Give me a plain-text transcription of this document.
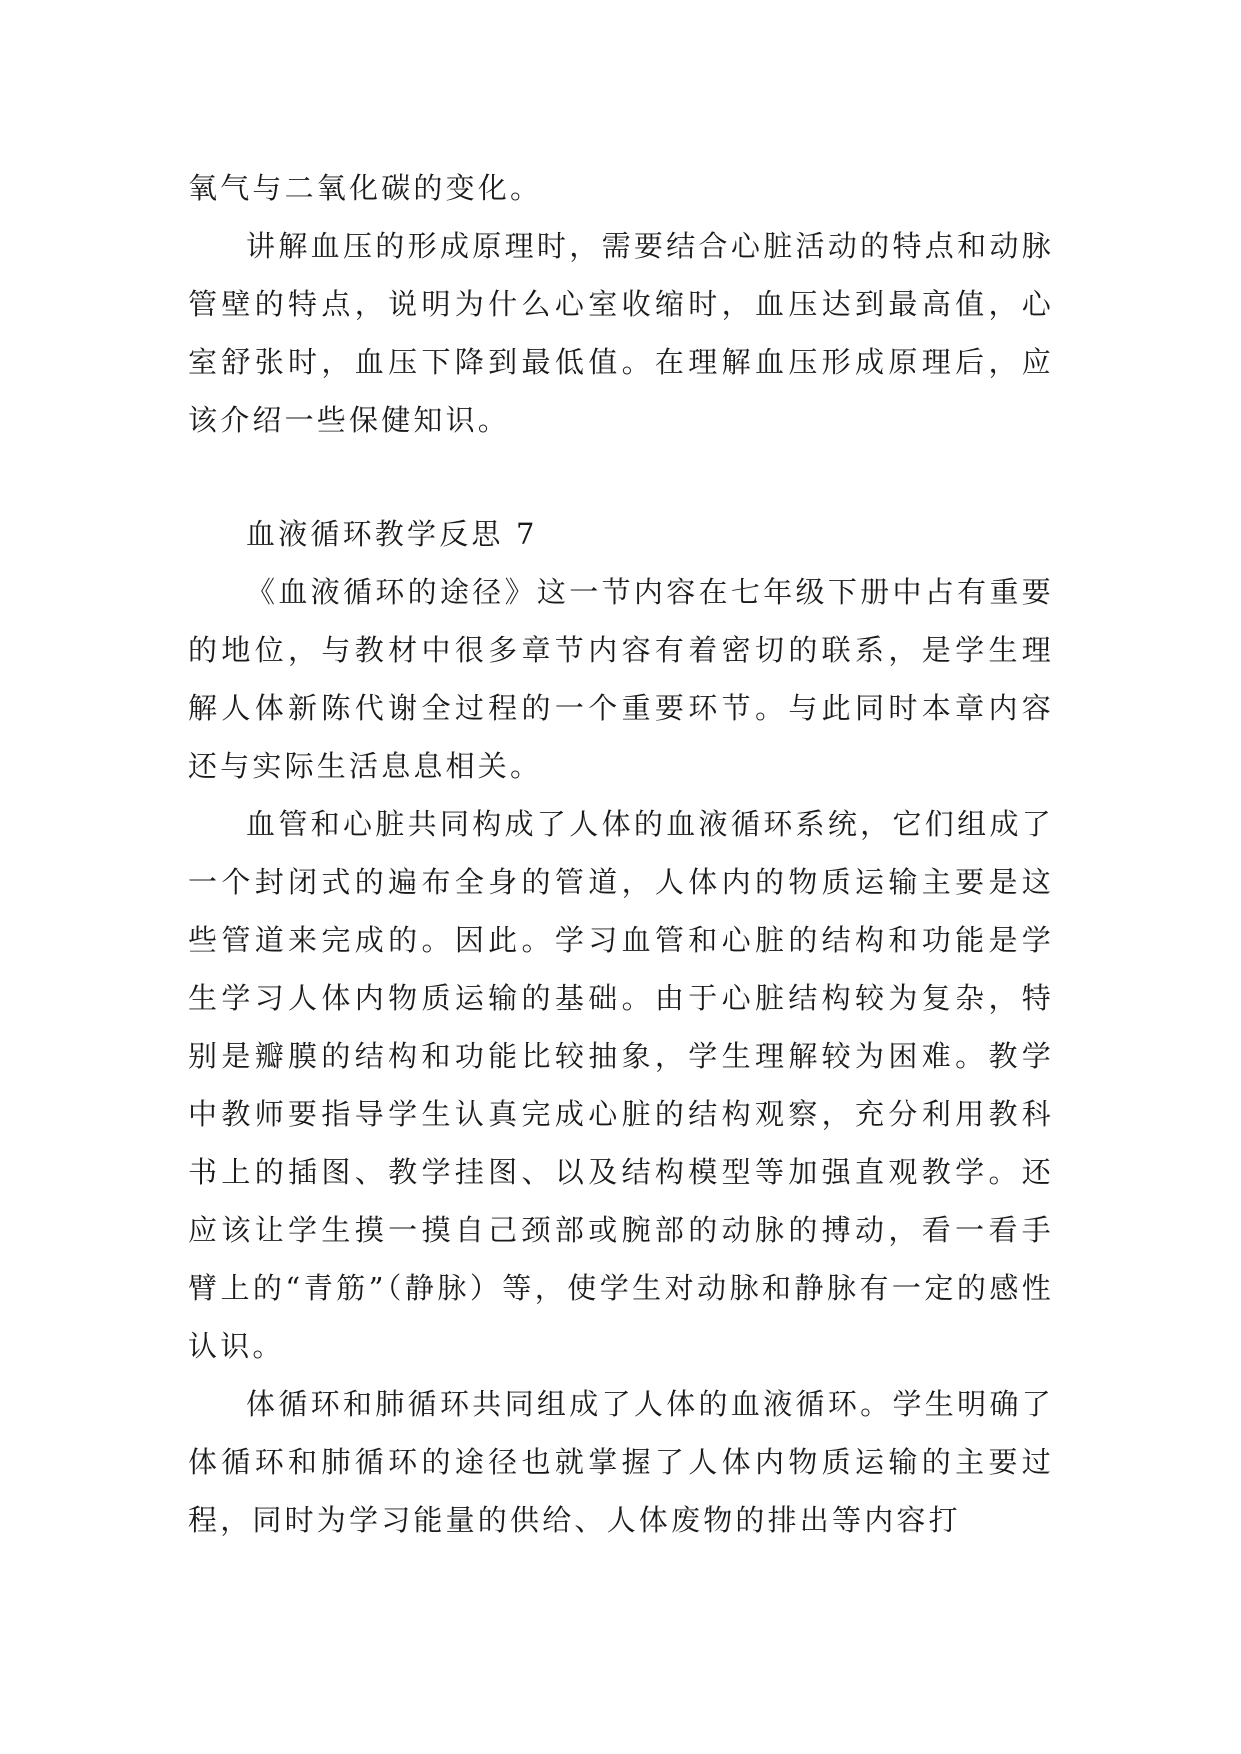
氧气与二氧化碳的变化。

讲解血压的形成原理时，需要结合心脏活动的特点和动脉管壁的特点，说明为什么心室收缩时，血压达到最高值，心室舒张时，血压下降到最低值。在理解血压形成原理后，应该介绍一些保健知识。

血液循环教学反思 7

《血液循环的途径》这一节内容在七年级下册中占有重要的地位，与教材中很多章节内容有着密切的联系，是学生理解人体新陈代谢全过程的一个重要环节。与此同时本章内容还与实际生活息息相关。

血管和心脏共同构成了人体的血液循环系统，它们组成了一个封闭式的遍布全身的管道，人体内的物质运输主要是这些管道来完成的。因此。学习血管和心脏的结构和功能是学生学习人体内物质运输的基础。由于心脏结构较为复杂，特别是瓣膜的结构和功能比较抽象，学生理解较为困难。教学中教师要指导学生认真完成心脏的结构观察，充分利用教科书上的插图、教学挂图、以及结构模型等加强直观教学。还应该让学生摸一摸自己颈部或腕部的动脉的搏动，看一看手臂上的“青筋”（静脉）等，使学生对动脉和静脉有一定的感性认识。

体循环和肺循环共同组成了人体的血液循环。学生明确了体循环和肺循环的途径也就掌握了人体内物质运输的主要过程，同时为学习能量的供给、人体废物的排出等内容打
